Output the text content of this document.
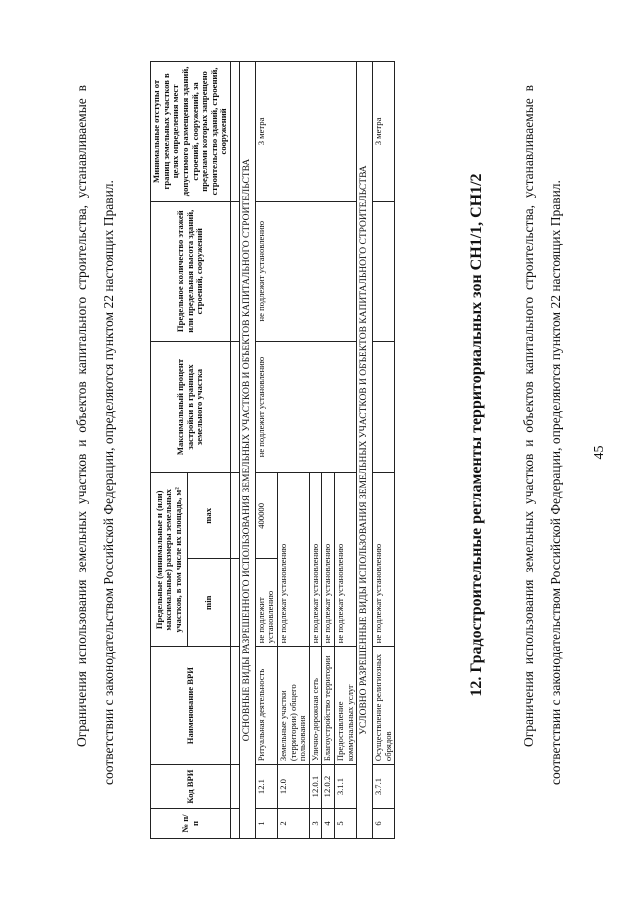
45
Ограничения использования земельных участков и объектов капитального строительства, устанавливаемые в соответствии с законодательством Российской Федерации, определяются пунктом 22 настоящих Правил.
12. Градостроительные регламенты территориальных зон СН1/1, СН1/2
№ п/п	Код ВРИ	Наименование ВРИ	Предельные (минимальные и (или) максимальные) размеры земельных участков, в том числе их площадь, м²		Максимальный процент застройки в границах земельного участка	Предельное количество этажей или предельная высота зданий, строений, сооружений	Минимальные отступы от границ земельных участков в целях определения мест допустимого размещения зданий, строений, сооружений, за пределами которых запрещено строительство зданий, строений, сооружений
			min	max			

ОСНОВНЫЕ ВИДЫ РАЗРЕШЕННОГО ИСПОЛЬЗОВАНИЯ ЗЕМЕЛЬНЫХ УЧАСТКОВ И ОБЪЕКТОВ КАПИТАЛЬНОГО СТРОИТЕЛЬСТВА							
1	12.1	Ритуальная деятельность	не подлежит установлению	400000	не подлежит установлению	не подлежит установлению	3 метра
2	12.0	Земельные участки (территории) общего пользования	не подлежат установлению				
3	12.0.1	Улично-дорожная сеть	не подлежат установлению				
4	12.0.2	Благоустройство территории	не подлежат установлению				
5	3.1.1	Предоставление коммунальных услуг	не подлежат установлению				
УСЛОВНО РАЗРЕШЕННЫЕ ВИДЫ ИСПОЛЬЗОВАНИЯ ЗЕМЕЛЬНЫХ УЧАСТКОВ И ОБЪЕКТОВ КАПИТАЛЬНОГО СТРОИТЕЛЬСТВА							
6	3.7.1	Осуществление религиозных обрядов	не подлежат установлению				3 метра
Ограничения использования земельных участков и объектов капитального строительства, устанавливаемые в соответствии с законодательством Российской Федерации, определяются пунктом 22 настоящих Правил.
